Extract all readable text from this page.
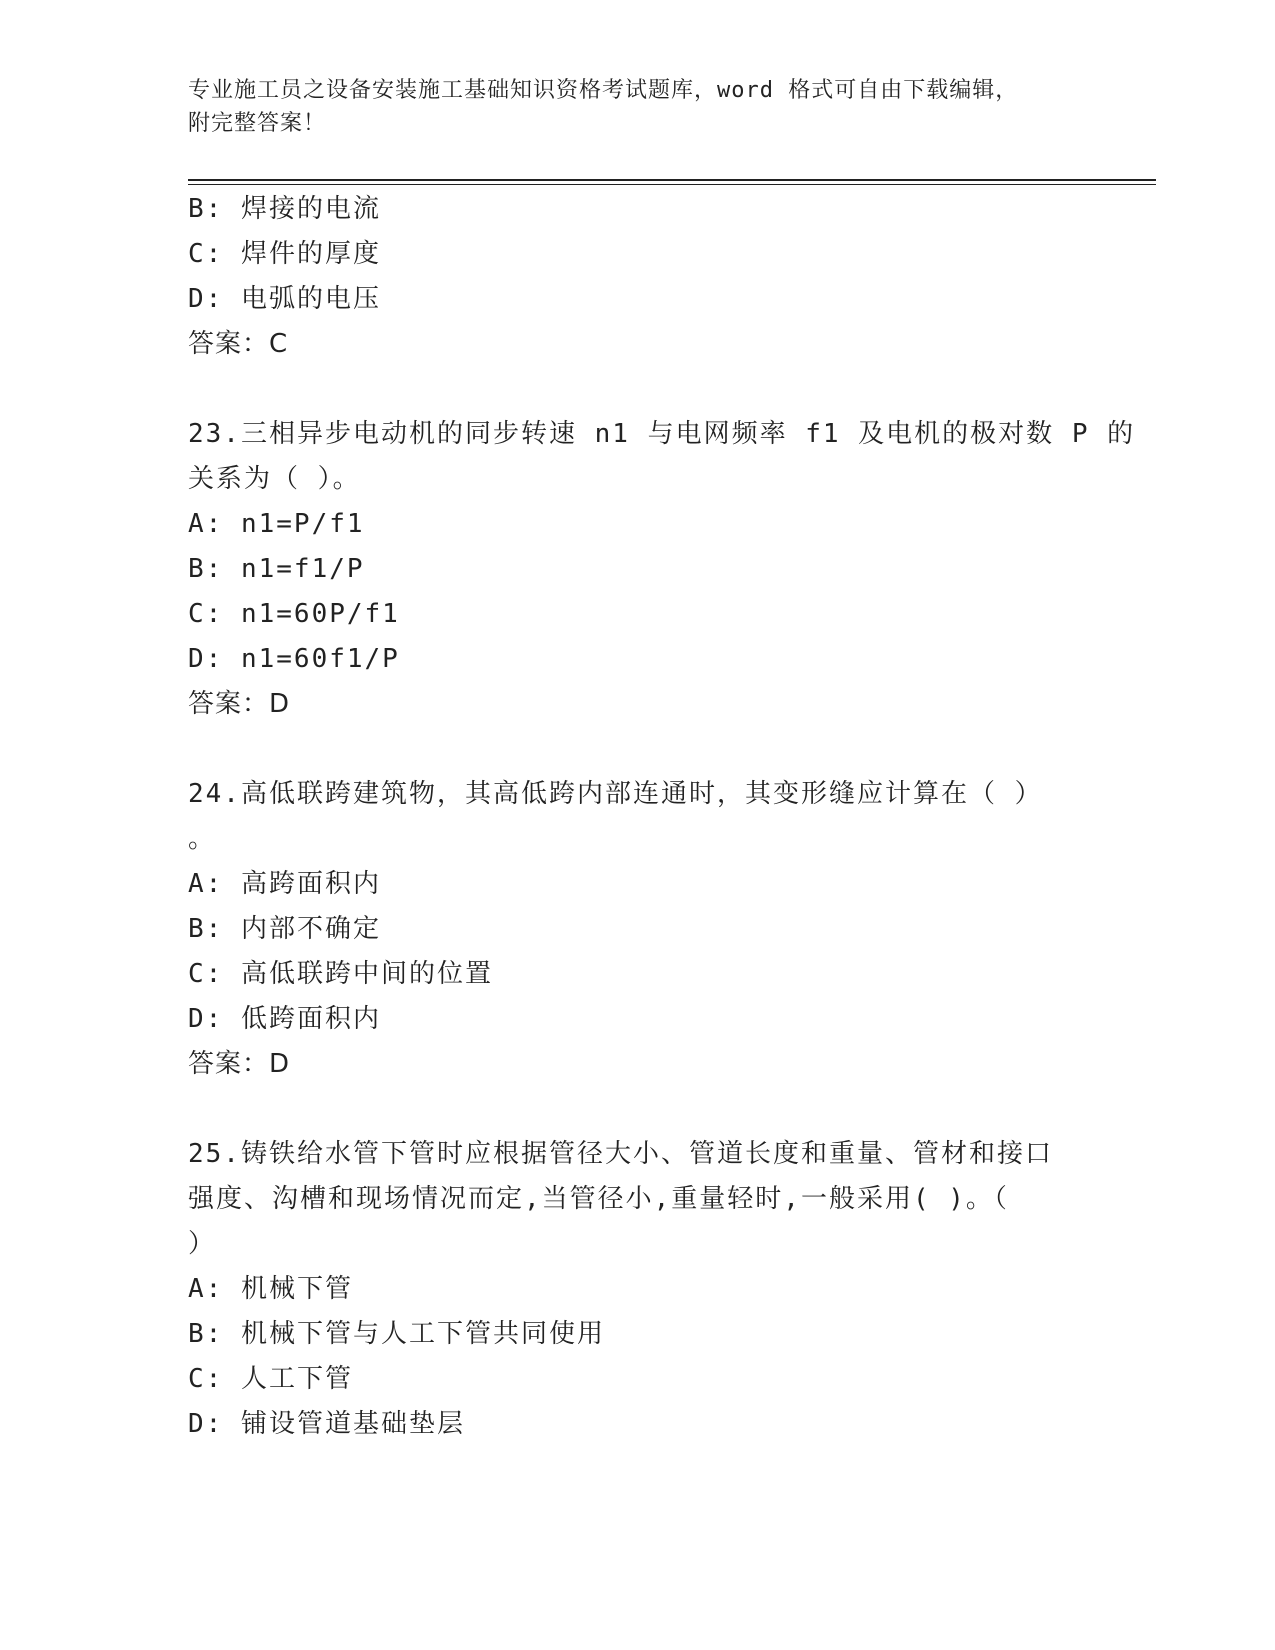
专业施工员之设备安装施工基础知识资格考试题库，word 格式可自由下载编辑，
附完整答案！
B: 焊接的电流
C: 焊件的厚度
D: 电弧的电压
答案：C
23.三相异步电动机的同步转速 n1 与电网频率 f1 及电机的极对数 P 的
关系为（ ）。
A: n1=P/f1
B: n1=f1/P
C: n1=60P/f1
D: n1=60f1/P
答案：D
24.高低联跨建筑物，其高低跨内部连通时，其变形缝应计算在（ ）
。
A: 高跨面积内
B: 内部不确定
C: 高低联跨中间的位置
D: 低跨面积内
答案：D
25.铸铁给水管下管时应根据管径大小、管道长度和重量、管材和接口
强度、沟槽和现场情况而定,当管径小,重量轻时,一般采用( )。（
）
A: 机械下管
B: 机械下管与人工下管共同使用
C: 人工下管
D: 铺设管道基础垫层
